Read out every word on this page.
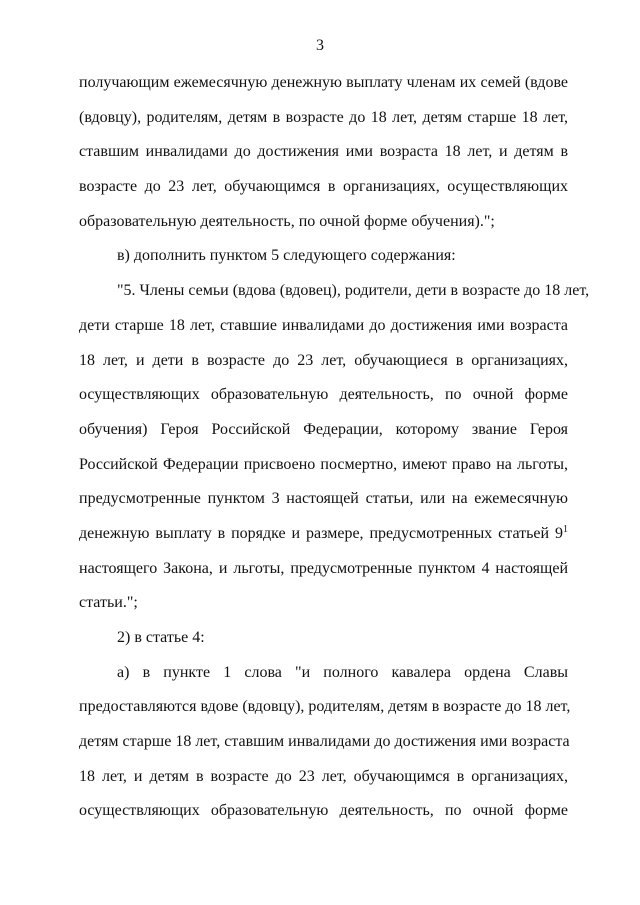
3
получающим ежемесячную денежную выплату членам их семей (вдове
(вдовцу), родителям, детям в возрасте до 18 лет, детям старше 18 лет,
ставшим инвалидами до достижения ими возраста 18 лет, и детям в
возрасте до 23 лет, обучающимся в организациях, осуществляющих
образовательную деятельность, по очной форме обучения).";
в) дополнить пунктом 5 следующего содержания:
"5. Члены семьи (вдова (вдовец), родители, дети в возрасте до 18 лет,
дети старше 18 лет, ставшие инвалидами до достижения ими возраста
18 лет, и дети в возрасте до 23 лет, обучающиеся в организациях,
осуществляющих образовательную деятельность, по очной форме
обучения) Героя Российской Федерации, которому звание Героя
Российской Федерации присвоено посмертно, имеют право на льготы,
предусмотренные пунктом 3 настоящей статьи, или на ежемесячную
денежную выплату в порядке и размере, предусмотренных статьей $9^1$
настоящего Закона, и льготы, предусмотренные пунктом 4 настоящей
статьи.";
2) в статье 4:
а) в пункте 1 слова "и полного кавалера ордена Славы
предоставляются вдове (вдовцу), родителям, детям в возрасте до 18 лет,
детям старше 18 лет, ставшим инвалидами до достижения ими возраста
18 лет, и детям в возрасте до 23 лет, обучающимся в организациях,
осуществляющих образовательную деятельность, по очной форме
